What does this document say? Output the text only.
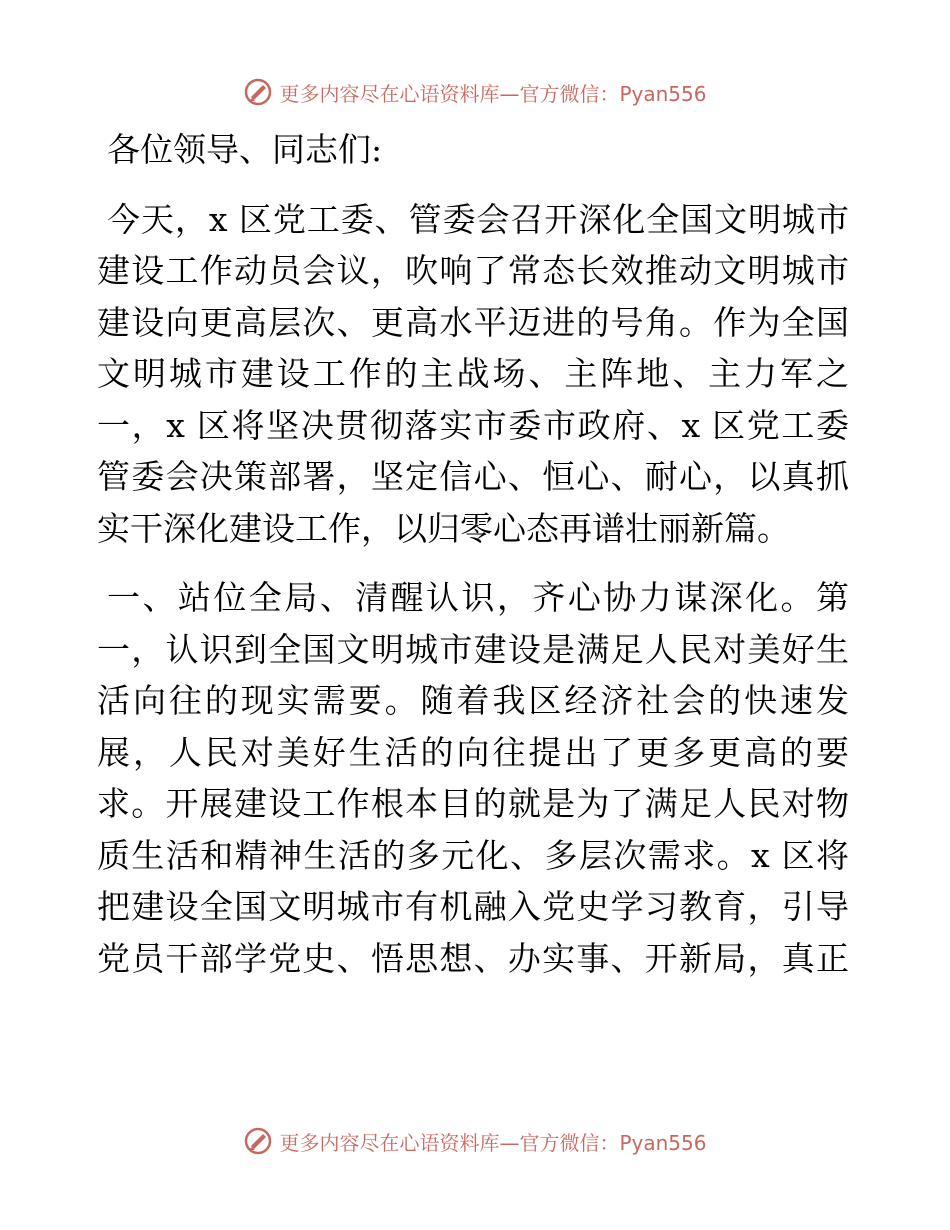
更多内容尽在心语资料库—官方微信：Pyan556
各位领导、同志们:
今天，x 区党工委、管委会召开深化全国文明城市
建设工作动员会议，吹响了常态长效推动文明城市
建设向更高层次、更高水平迈进的号角。作为全国
文明城市建设工作的主战场、主阵地、主力军之
一，x 区将坚决贯彻落实市委市政府、x 区党工委
管委会决策部署，坚定信心、恒心、耐心，以真抓
实干深化建设工作，以归零心态再谱壮丽新篇。
一、站位全局、清醒认识，齐心协力谋深化。第
一，认识到全国文明城市建设是满足人民对美好生
活向往的现实需要。随着我区经济社会的快速发
展，人民对美好生活的向往提出了更多更高的要
求。开展建设工作根本目的就是为了满足人民对物
质生活和精神生活的多元化、多层次需求。x 区将
把建设全国文明城市有机融入党史学习教育，引导
党员干部学党史、悟思想、办实事、开新局，真正
更多内容尽在心语资料库—官方微信：Pyan556
